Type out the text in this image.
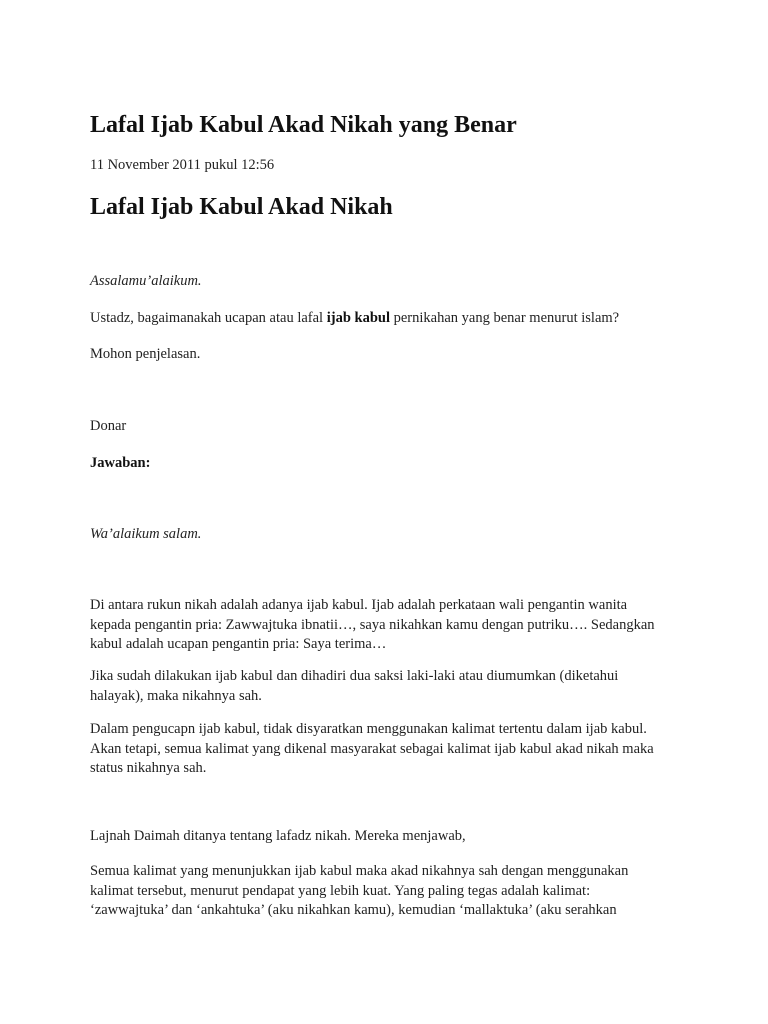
Lafal Ijab Kabul Akad Nikah yang Benar
11 November 2011 pukul 12:56
Lafal Ijab Kabul Akad Nikah
Assalamu’alaikum.
Ustadz, bagaimanakah ucapan atau lafal ijab kabul pernikahan yang benar menurut islam?
Mohon penjelasan.
Donar
Jawaban:
Wa’alaikum salam.
Di antara rukun nikah adalah adanya ijab kabul. Ijab adalah perkataan wali pengantin wanita
kepada pengantin pria: Zawwajtuka ibnatii…, saya nikahkan kamu dengan putriku…. Sedangkan
kabul adalah ucapan pengantin pria: Saya terima…
Jika sudah dilakukan ijab kabul dan dihadiri dua saksi laki-laki atau diumumkan (diketahui
halayak), maka nikahnya sah.
Dalam pengucapn ijab kabul, tidak disyaratkan menggunakan kalimat tertentu dalam ijab kabul.
Akan tetapi, semua kalimat yang dikenal masyarakat sebagai kalimat ijab kabul akad nikah maka
status nikahnya sah.
Lajnah Daimah ditanya tentang lafadz nikah. Mereka menjawab,
Semua kalimat yang menunjukkan ijab kabul maka akad nikahnya sah dengan menggunakan
kalimat tersebut, menurut pendapat yang lebih kuat. Yang paling tegas adalah kalimat:
‘zawwajtuka’ dan ‘ankahtuka’ (aku nikahkan kamu), kemudian ‘mallaktuka’ (aku serahkan
